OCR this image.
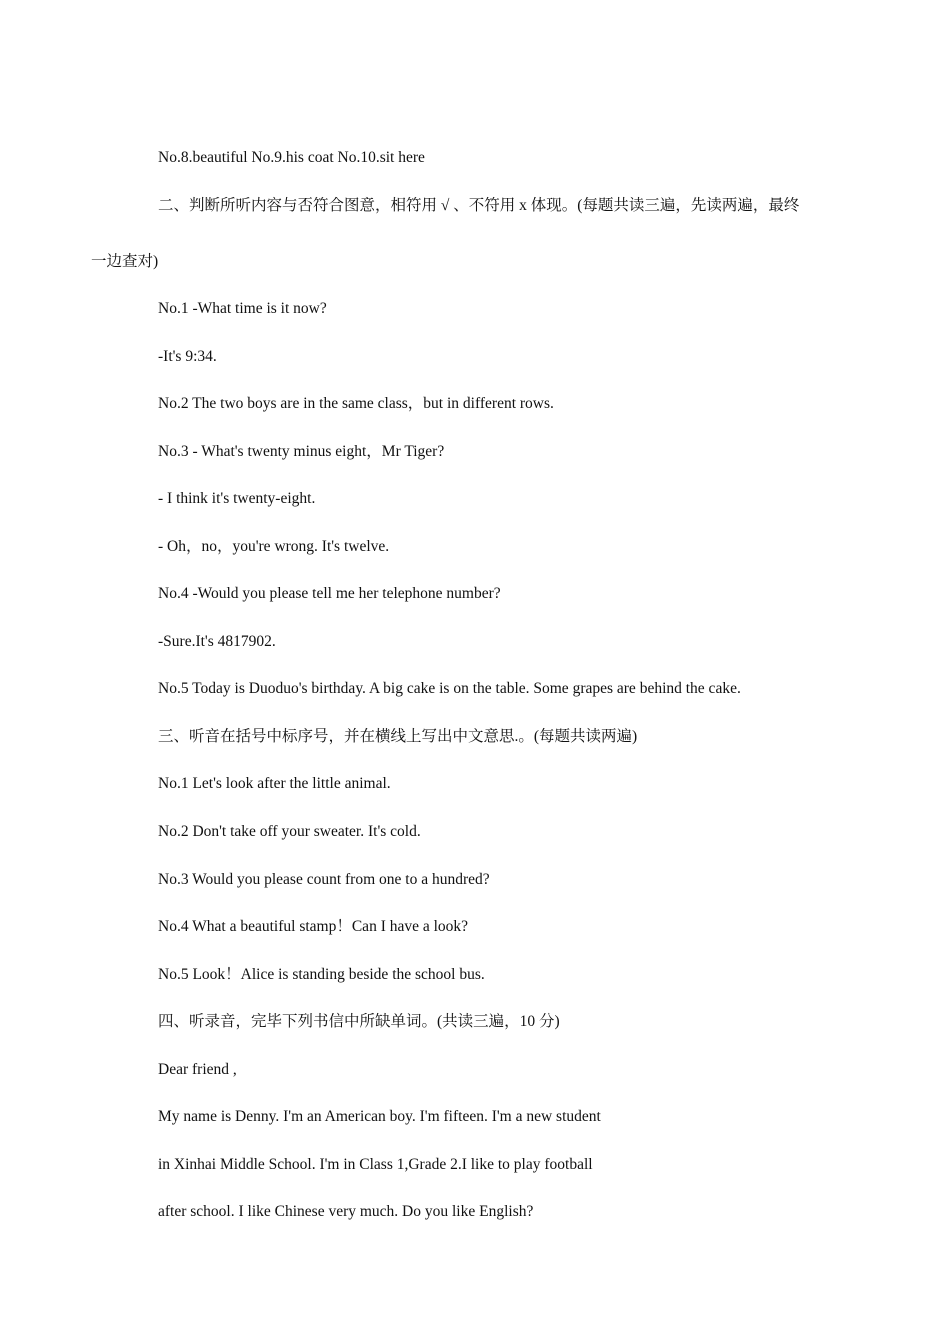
No.8.beautiful No.9.his coat No.10.sit here
二、判断所听内容与否符合图意，相符用 √ 、不符用 x 体现。(每题共读三遍，先读两遍，最终
一边查对)
No.1 -What time is it now?
-It's 9:34.
No.2 The two boys are in the same class，but in different rows.
No.3 - What's twenty minus eight，Mr Tiger?
- I think it's twenty-eight.
- Oh，no，you're wrong. It's twelve.
No.4 -Would you please tell me her telephone number?
-Sure.It's 4817902.
No.5 Today is Duoduo's birthday. A big cake is on the table. Some grapes are behind the cake.
三、听音在括号中标序号，并在横线上写出中文意思.。(每题共读两遍)
No.1 Let's look after the little animal.
No.2 Don't take off your sweater. It's cold.
No.3 Would you please count from one to a hundred?
No.4 What a beautiful stamp！Can I have a look?
No.5 Look！Alice is standing beside the school bus.
四、听录音，完毕下列书信中所缺单词。(共读三遍，10 分)
Dear friend ,
My name is Denny. I'm an American boy. I'm fifteen. I'm a new student
in Xinhai Middle School. I'm in Class 1,Grade 2.I like to play football
after school. I like Chinese very much. Do you like English?
